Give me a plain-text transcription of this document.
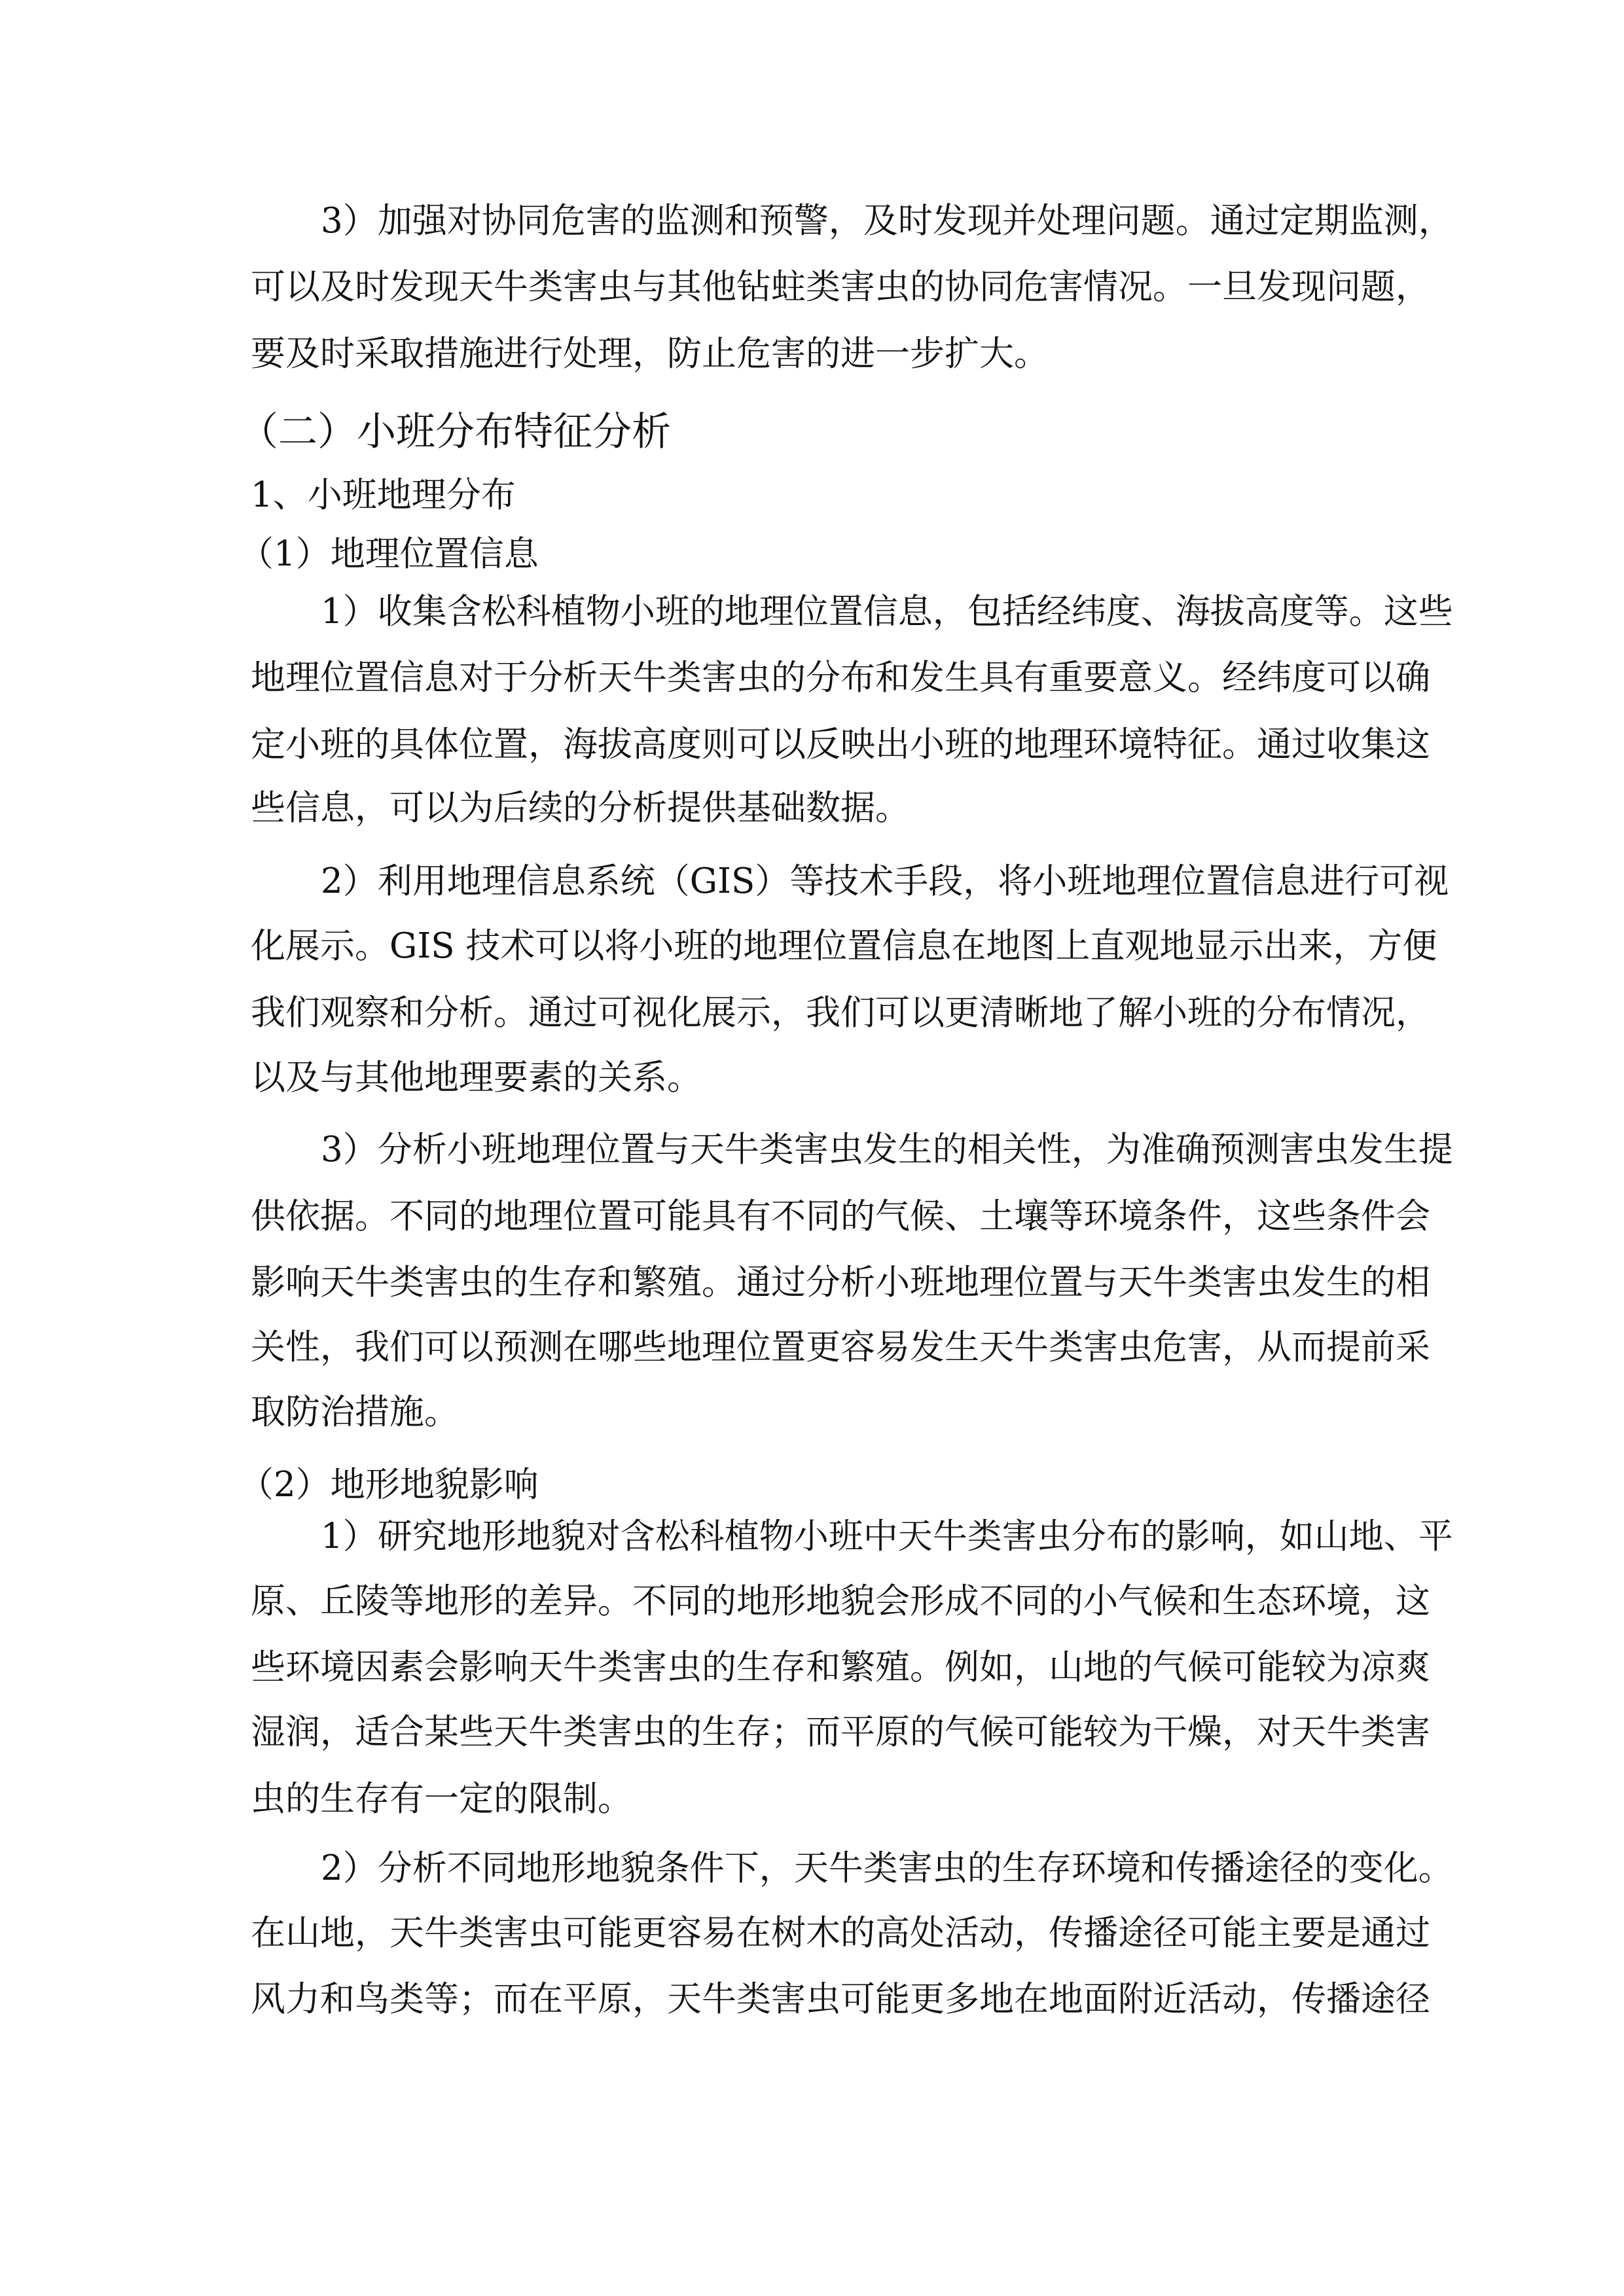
3）加强对协同危害的监测和预警，及时发现并处理问题。通过定期监测，
可以及时发现天牛类害虫与其他钻蛀类害虫的协同危害情况。一旦发现问题，
要及时采取措施进行处理，防止危害的进一步扩大。
（二）小班分布特征分析
1、小班地理分布
（1）地理位置信息
1）收集含松科植物小班的地理位置信息，包括经纬度、海拔高度等。这些
地理位置信息对于分析天牛类害虫的分布和发生具有重要意义。经纬度可以确
定小班的具体位置，海拔高度则可以反映出小班的地理环境特征。通过收集这
些信息，可以为后续的分析提供基础数据。
2）利用地理信息系统（GIS）等技术手段，将小班地理位置信息进行可视
化展示。GIS 技术可以将小班的地理位置信息在地图上直观地显示出来，方便
我们观察和分析。通过可视化展示，我们可以更清晰地了解小班的分布情况，
以及与其他地理要素的关系。
3）分析小班地理位置与天牛类害虫发生的相关性，为准确预测害虫发生提
供依据。不同的地理位置可能具有不同的气候、土壤等环境条件，这些条件会
影响天牛类害虫的生存和繁殖。通过分析小班地理位置与天牛类害虫发生的相
关性，我们可以预测在哪些地理位置更容易发生天牛类害虫危害，从而提前采
取防治措施。
（2）地形地貌影响
1）研究地形地貌对含松科植物小班中天牛类害虫分布的影响，如山地、平
原、丘陵等地形的差异。不同的地形地貌会形成不同的小气候和生态环境，这
些环境因素会影响天牛类害虫的生存和繁殖。例如，山地的气候可能较为凉爽
湿润，适合某些天牛类害虫的生存；而平原的气候可能较为干燥，对天牛类害
虫的生存有一定的限制。
2）分析不同地形地貌条件下，天牛类害虫的生存环境和传播途径的变化。
在山地，天牛类害虫可能更容易在树木的高处活动，传播途径可能主要是通过
风力和鸟类等；而在平原，天牛类害虫可能更多地在地面附近活动，传播途径
